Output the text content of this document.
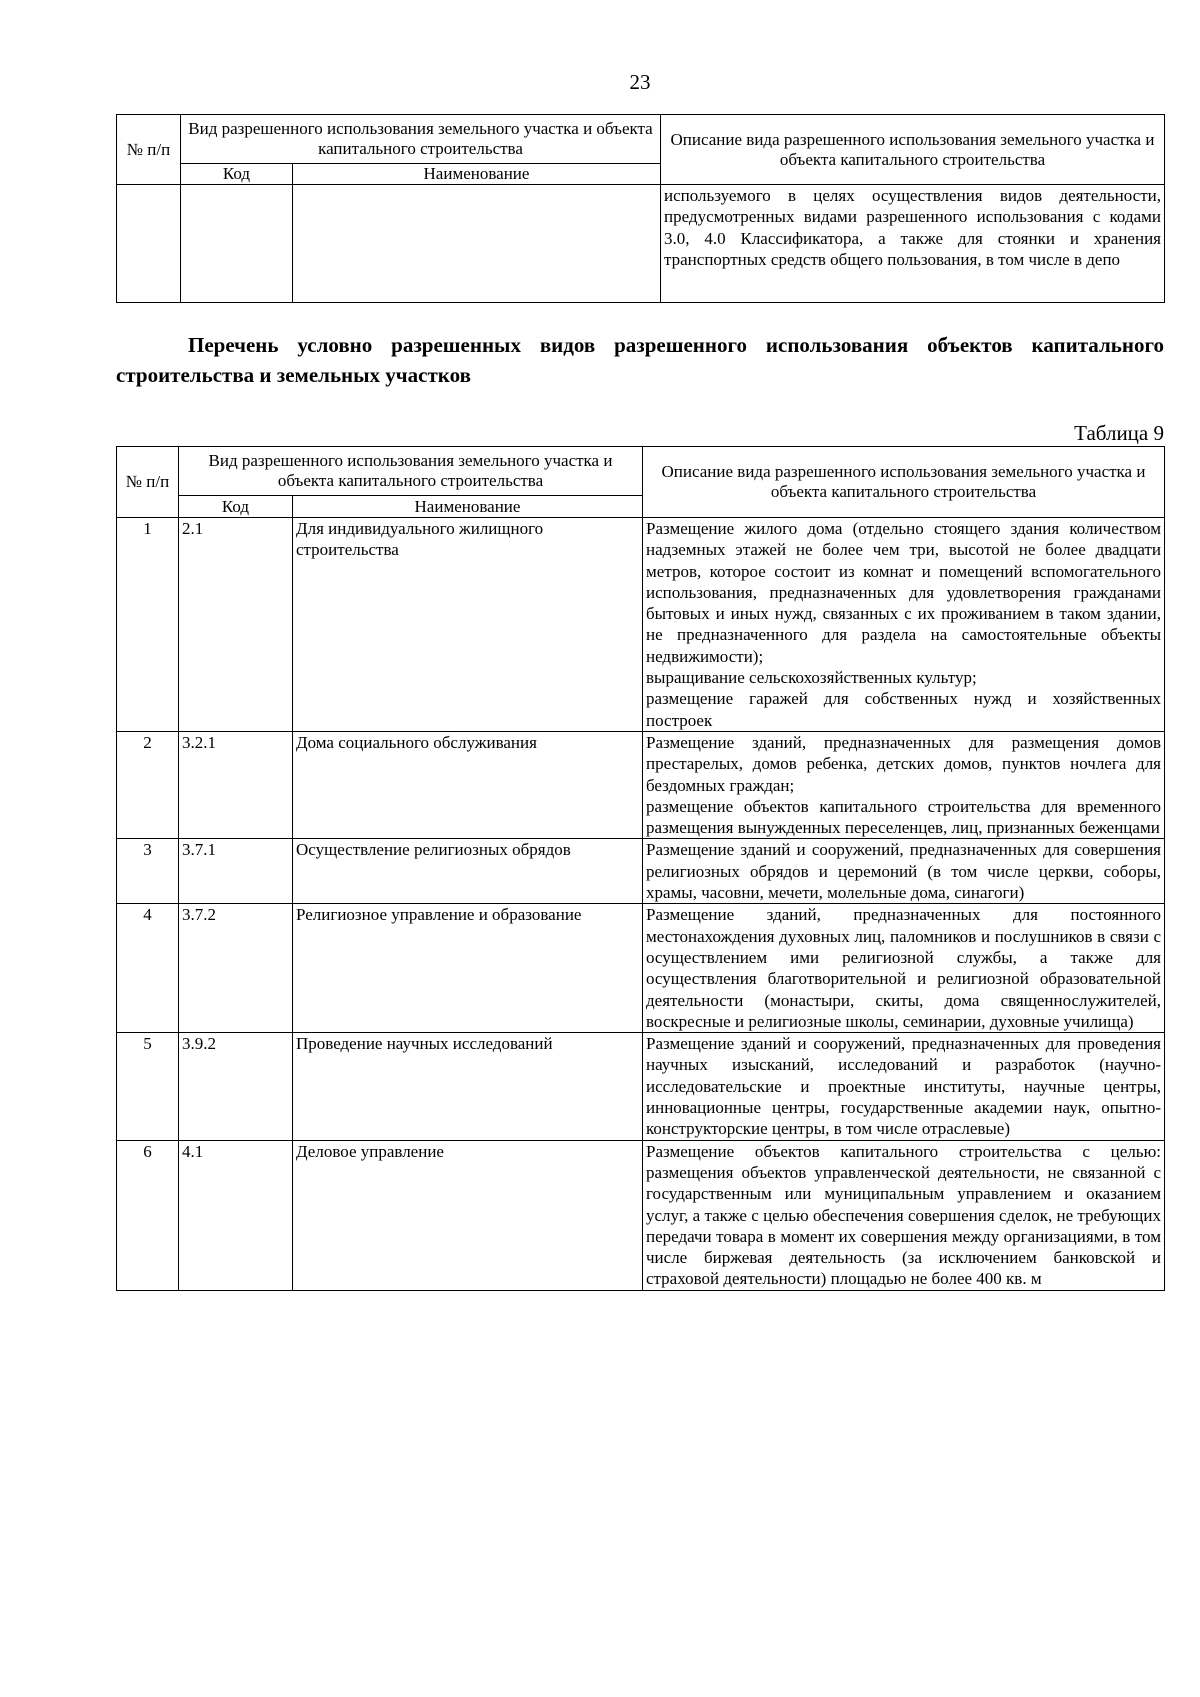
23
№ п/п	Вид разрешенного использования земельного участка и объекта капитального строительства		Описание вида разрешенного использования земельного участка и объекта капитального строительства
	Код	Наименование	
			используемого в целях осуществления видов деятельности, предусмотренных видами разрешенного использования с кодами 3.0, 4.0 Классификатора, а также для стоянки и хранения транспортных средств общего пользования, в том числе в депо
Перечень условно разрешенных видов разрешенного использования объектов капитального строительства и земельных участков
Таблица 9
№ п/п	Вид разрешенного использования земельного участка и объекта капитального строительства		Описание вида разрешенного использования земельного участка и объекта капитального строительства
	Код	Наименование	
1	2.1	Для индивидуального жилищного строительства	Размещение жилого дома (отдельно стоящего здания количеством надземных этажей не более чем три, высотой не более двадцати метров, которое состоит из комнат и помещений вспомогательного использования, предназначенных для удовлетворения гражданами бытовых и иных нужд, связанных с их проживанием в таком здании, не предназначенного для раздела на самостоятельные объекты недвижимости);
выращивание сельскохозяйственных культур;
размещение гаражей для собственных нужд и хозяйственных построек

2	3.2.1	Дома социального обслуживания	Размещение зданий, предназначенных для размещения домов престарелых, домов ребенка, детских домов, пунктов ночлега для бездомных граждан;
размещение объектов капитального строительства для временного размещения вынужденных переселенцев, лиц, признанных беженцами

3	3.7.1	Осуществление религиозных обрядов	Размещение зданий и сооружений, предназначенных для совершения религиозных обрядов и церемоний (в том числе церкви, соборы, храмы, часовни, мечети, молельные дома, синагоги)

4	3.7.2	Религиозное управление и образование	Размещение зданий, предназначенных для постоянного местонахождения духовных лиц, паломников и послушников в связи с осуществлением ими религиозной службы, а также для осуществления благотворительной и религиозной образовательной деятельности (монастыри, скиты, дома священнослужителей, воскресные и религиозные школы, семинарии, духовные училища)

5	3.9.2	Проведение научных исследований	Размещение зданий и сооружений, предназначенных для проведения научных изысканий, исследований и разработок (научно-исследовательские и проектные институты, научные центры, инновационные центры, государственные академии наук, опытно-конструкторские центры, в том числе отраслевые)

6	4.1	Деловое управление	Размещение объектов капитального строительства с целью: размещения объектов управленческой деятельности, не связанной с государственным или муниципальным управлением и оказанием услуг, а также с целью обеспечения совершения сделок, не требующих передачи товара в момент их совершения между организациями, в том числе биржевая деятельность (за исключением банковской и страховой деятельности) площадью не более 400 кв. м
